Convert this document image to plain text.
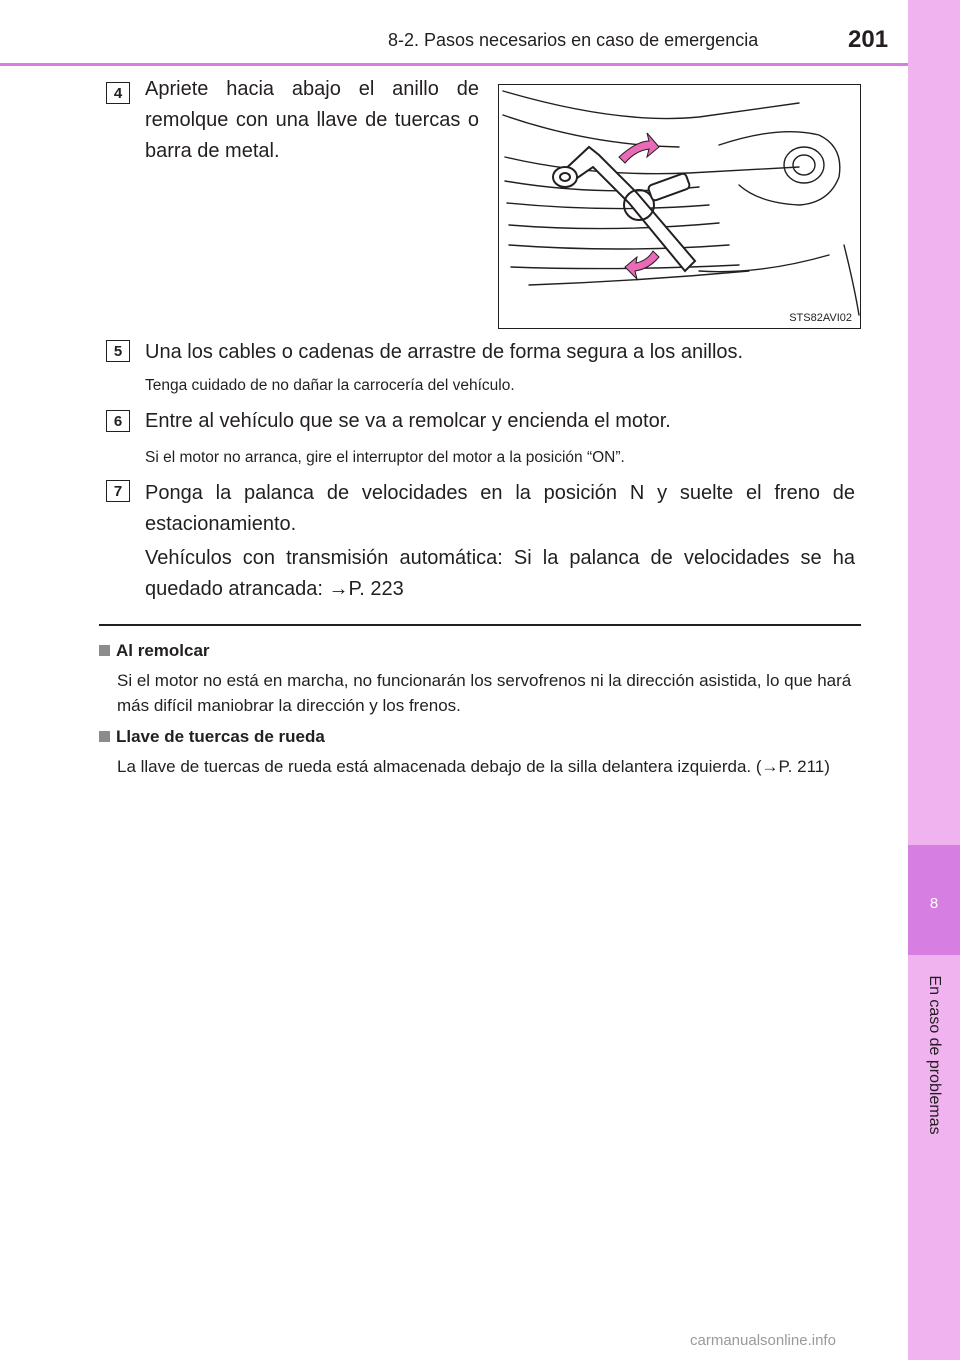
8
En caso de problemas
8-2. Pasos necesarios en caso de emergencia	201
4	Apriete hacia abajo el anillo de remolque con una llave de tuercas o barra de metal.
STS82AVI02
5	Una los cables o cadenas de arrastre de forma segura a los anillos.
Tenga cuidado de no dañar la carrocería del vehículo.
6	Entre al vehículo que se va a remolcar y encienda el motor.
Si el motor no arranca, gire el interruptor del motor a la posición “ON”.
7	Ponga la palanca de velocidades en la posición N y suelte el freno de estacionamiento.
Vehículos con transmisión automática: Si la palanca de velocidades se ha quedado atrancada: →P. 223
Al remolcar
Si el motor no está en marcha, no funcionarán los servofrenos ni la dirección asistida, lo que hará más difícil maniobrar la dirección y los frenos.
Llave de tuercas de rueda
La llave de tuercas de rueda está almacenada debajo de la silla delantera izquierda. (→P. 211)
carmanualsonline.info
